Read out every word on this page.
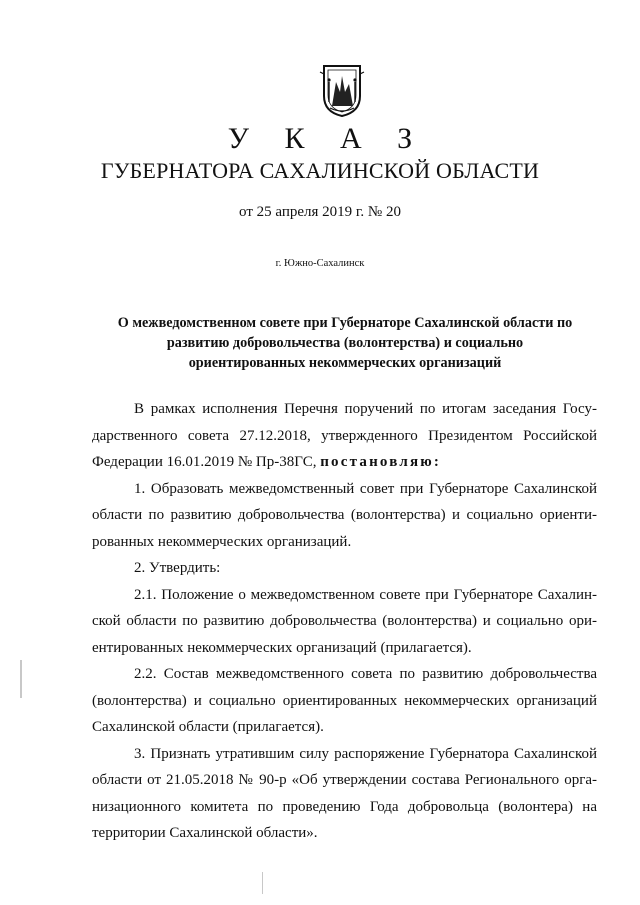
У К А З
ГУБЕРНАТОРА САХАЛИНСКОЙ ОБЛАСТИ
от 25 апреля 2019 г. № 20
г. Южно-Сахалинск
О межведомственном совете при Губернаторе Сахалинской области по
развитию добровольчества (волонтерства) и социально
ориентированных некоммерческих организаций
В рамках исполнения Перечня поручений по итогам заседания Госу-
дарственного совета 27.12.2018, утвержденного Президентом Российской
Федерации 16.01.2019 № Пр-38ГС, постановляю:
1. Образовать межведомственный совет при Губернаторе Сахалинской
области по развитию добровольчества (волонтерства) и социально ориенти-
рованных некоммерческих организаций.
2. Утвердить:
2.1. Положение о межведомственном совете при Губернаторе Сахалин-
ской области по развитию добровольчества (волонтерства) и социально ори-
ентированных некоммерческих организаций (прилагается).
2.2. Состав межведомственного совета по развитию добровольчества
(волонтерства) и социально ориентированных некоммерческих организаций
Сахалинской области (прилагается).
3. Признать утратившим силу распоряжение Губернатора Сахалинской
области от 21.05.2018 № 90-р «Об утверждении состава Регионального орга-
низационного комитета по проведению Года добровольца (волонтера) на
территории Сахалинской области».
